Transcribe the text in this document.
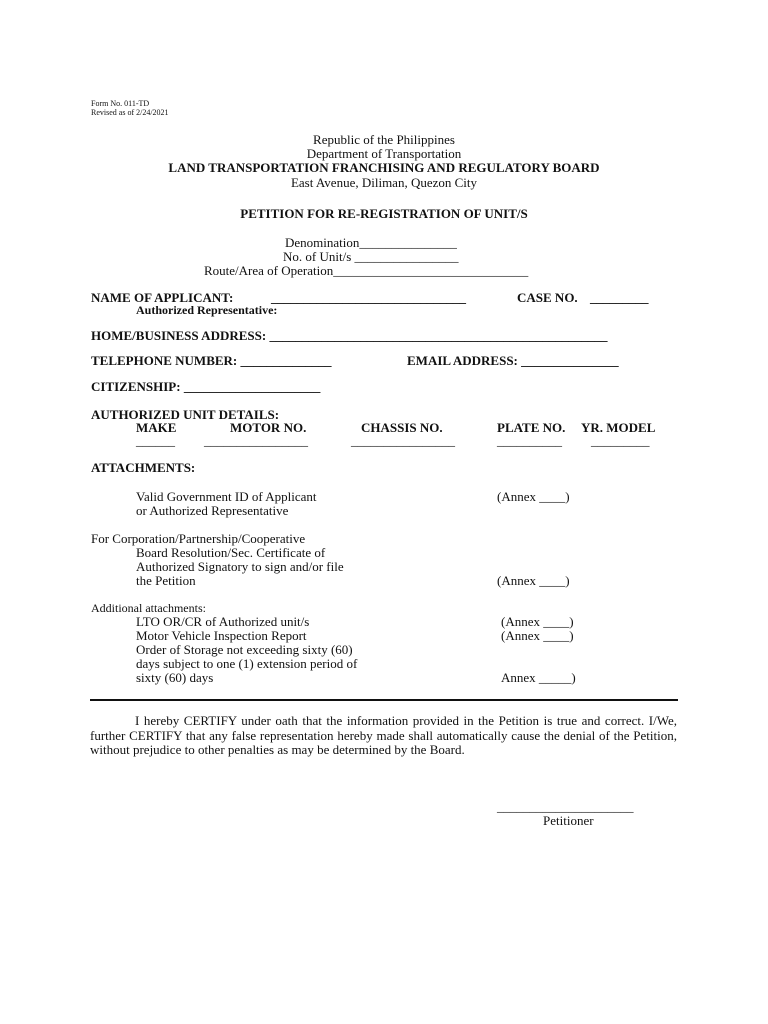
Form No. 011-TD
Revised as of 2/24/2021
Republic of the Philippines
Department of Transportation
LAND TRANSPORTATION FRANCHISING AND REGULATORY BOARD
East Avenue, Diliman, Quezon City
PETITION FOR RE-REGISTRATION OF UNIT/S
Denomination_______________
No. of Unit/s ________________
Route/Area of Operation______________________________
NAME OF APPLICANT:	______________________________	CASE NO. _________
Authorized Representative:
HOME/BUSINESS ADDRESS: ____________________________________________________
TELEPHONE NUMBER: ______________	EMAIL ADDRESS: _______________
CITIZENSHIP: _____________________
AUTHORIZED UNIT DETAILS:
MAKE	MOTOR NO.	CHASSIS NO.	PLATE NO. YR. MODEL
______ ________________	________________	__________ _________
ATTACHMENTS:
Valid Government ID of Applicant
or Authorized Representative
(Annex ____)
For Corporation/Partnership/Cooperative
Board Resolution/Sec. Certificate of
Authorized Signatory to sign and/or file
the Petition	(Annex ____)
Additional attachments:
LTO OR/CR of Authorized unit/s	(Annex ____)
Motor Vehicle Inspection Report	(Annex ____)
Order of Storage not exceeding sixty (60)
days subject to one (1) extension period of
sixty (60) days	Annex _____)
I hereby CERTIFY under oath that the information provided in the Petition is true and correct. I/We, further CERTIFY that any false representation hereby made shall automatically cause the denial of the Petition, without prejudice to other penalties as may be determined by the Board.
_____________________
Petitioner
